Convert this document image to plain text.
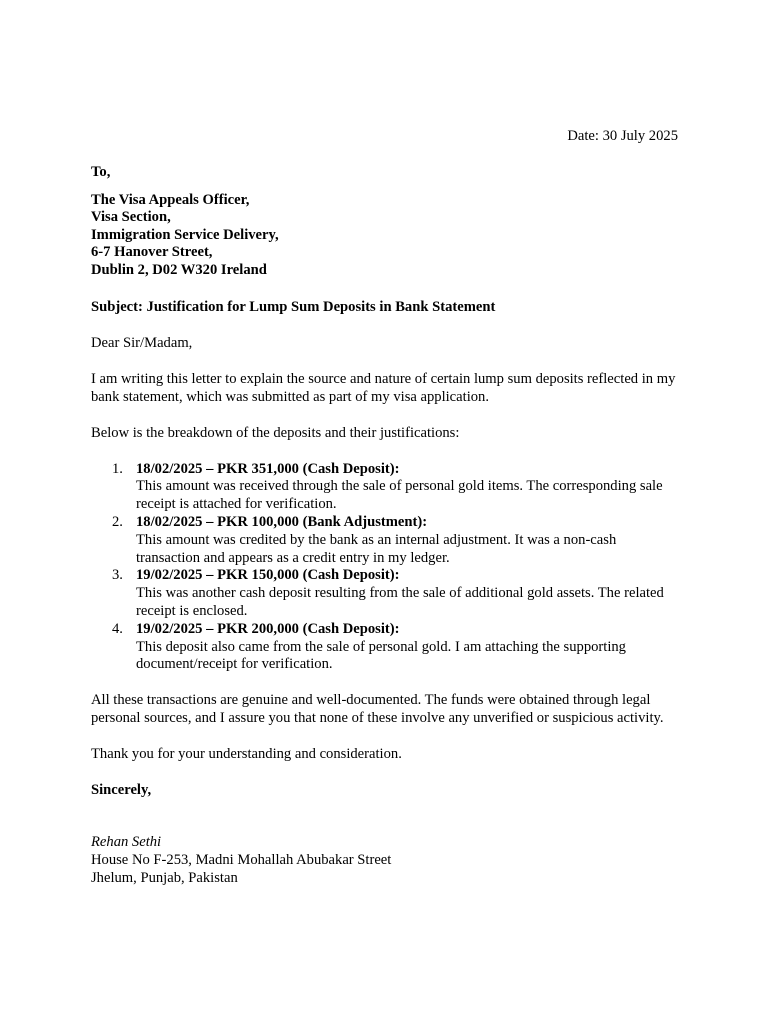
Date: 30 July 2025
To,
The Visa Appeals Officer,
Visa Section,
Immigration Service Delivery,
6-7 Hanover Street,
Dublin 2, D02 W320 Ireland
Subject: Justification for Lump Sum Deposits in Bank Statement
Dear Sir/Madam,
I am writing this letter to explain the source and nature of certain lump sum deposits reflected in my bank statement, which was submitted as part of my visa application.
Below is the breakdown of the deposits and their justifications:
1. 18/02/2025 – PKR 351,000 (Cash Deposit):
This amount was received through the sale of personal gold items. The corresponding sale receipt is attached for verification.
2. 18/02/2025 – PKR 100,000 (Bank Adjustment):
This amount was credited by the bank as an internal adjustment. It was a non-cash transaction and appears as a credit entry in my ledger.
3. 19/02/2025 – PKR 150,000 (Cash Deposit):
This was another cash deposit resulting from the sale of additional gold assets. The related receipt is enclosed.
4. 19/02/2025 – PKR 200,000 (Cash Deposit):
This deposit also came from the sale of personal gold. I am attaching the supporting document/receipt for verification.
All these transactions are genuine and well-documented. The funds were obtained through legal personal sources, and I assure you that none of these involve any unverified or suspicious activity.
Thank you for your understanding and consideration.
Sincerely,
Rehan Sethi
House No F-253, Madni Mohallah Abubakar Street
Jhelum, Punjab, Pakistan
